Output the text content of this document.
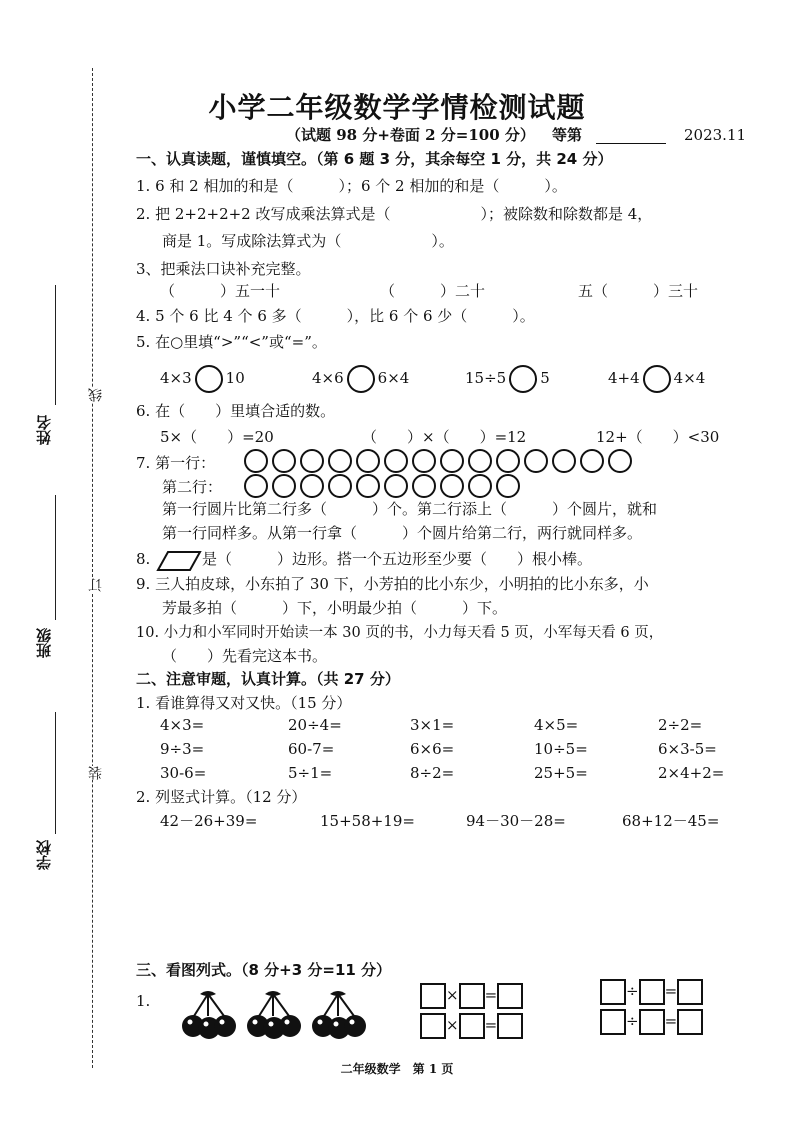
线
订
装
姓名
班级
学校
小学二年级数学学情检测试题
（试题 98 分+卷面 2 分=100 分） 等第	2023.11
一、认真读题，谨慎填空。（第 6 题 3 分，其余每空 1 分，共 24 分）
1. 6 和 2 相加的和是（　　　）；6 个 2 相加的和是（　　　）。
2. 把 2+2+2+2 改写成乘法算式是（　　　　　　）；被除数和除数都是 4，
商是 1。写成除法算式为（　　　　　　）。
3、把乘法口诀补充完整。
（　　　）五一十	（　　　）二十	五（　　　）三十
4. 5 个 6 比 4 个 6 多（　　　），比 6 个 6 少（　　　）。
5. 在○里填“>”“<”或“=”。
4×3 10	4×6 6×4	15÷5 5	4+4 4×4
6. 在（　　）里填合适的数。
5×（　　）=20	（　　）×（　　）=12	12+（　　）<30
7. 第一行：
第二行：
第一行圆片比第二行多（　　　）个。第二行添上（　　　）个圆片，就和
第一行同样多。从第一行拿（　　　）个圆片给第二行，两行就同样多。
8.	是（　　　）边形。搭一个五边形至少要（　　）根小棒。
9. 三人拍皮球，小东拍了 30 下，小芳拍的比小东少，小明拍的比小东多，小
芳最多拍（　　　）下，小明最少拍（　　　）下。
10. 小力和小军同时开始读一本 30 页的书，小力每天看 5 页，小军每天看 6 页，
（　　）先看完这本书。
二、注意审题，认真计算。（共 27 分）
1. 看谁算得又对又快。（15 分）
4×3=	20÷4=	3×1=	4×5=	2÷2=
9÷3=	60-7=	6×6=	10÷5=	6×3-5=
30-6=	5÷1=	8÷2=	25+5=	2×4+2=
2. 列竖式计算。（12 分）
42－26+39=	15+58+19=	94－30－28=	68+12－45=
三、看图列式。（8 分+3 分=11 分）
1.	× =
× =
÷ =
÷ =
二年级数学　第 1 页
